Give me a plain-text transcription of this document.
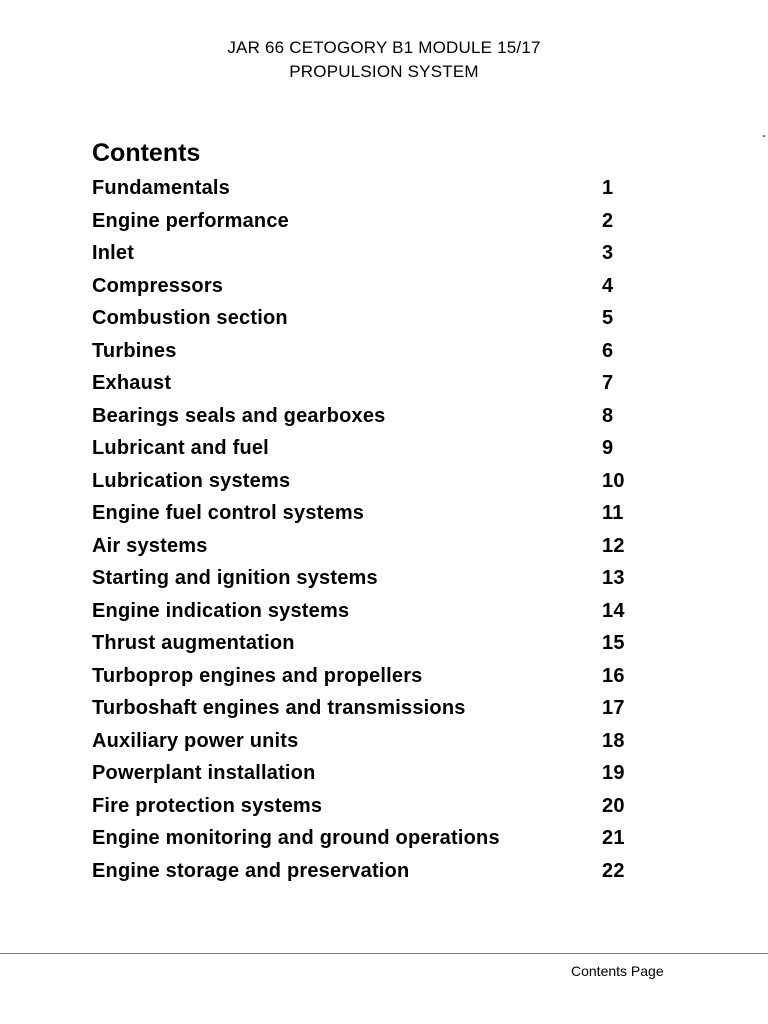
JAR 66 CETOGORY B1 MODULE 15/17
PROPULSION SYSTEM
-
Contents
Fundamentals	1
Engine performance	2
Inlet	3
Compressors	4
Combustion section	5
Turbines	6
Exhaust	7
Bearings seals and gearboxes	8
Lubricant and fuel	9
Lubrication systems	10
Engine fuel control systems	11
Air systems	12
Starting and ignition systems	13
Engine indication systems	14
Thrust augmentation	15
Turboprop engines and propellers	16
Turboshaft engines and transmissions	17
Auxiliary power units	18
Powerplant installation	19
Fire protection systems	20
Engine monitoring and ground operations	21
Engine storage and preservation	22
Contents Page
